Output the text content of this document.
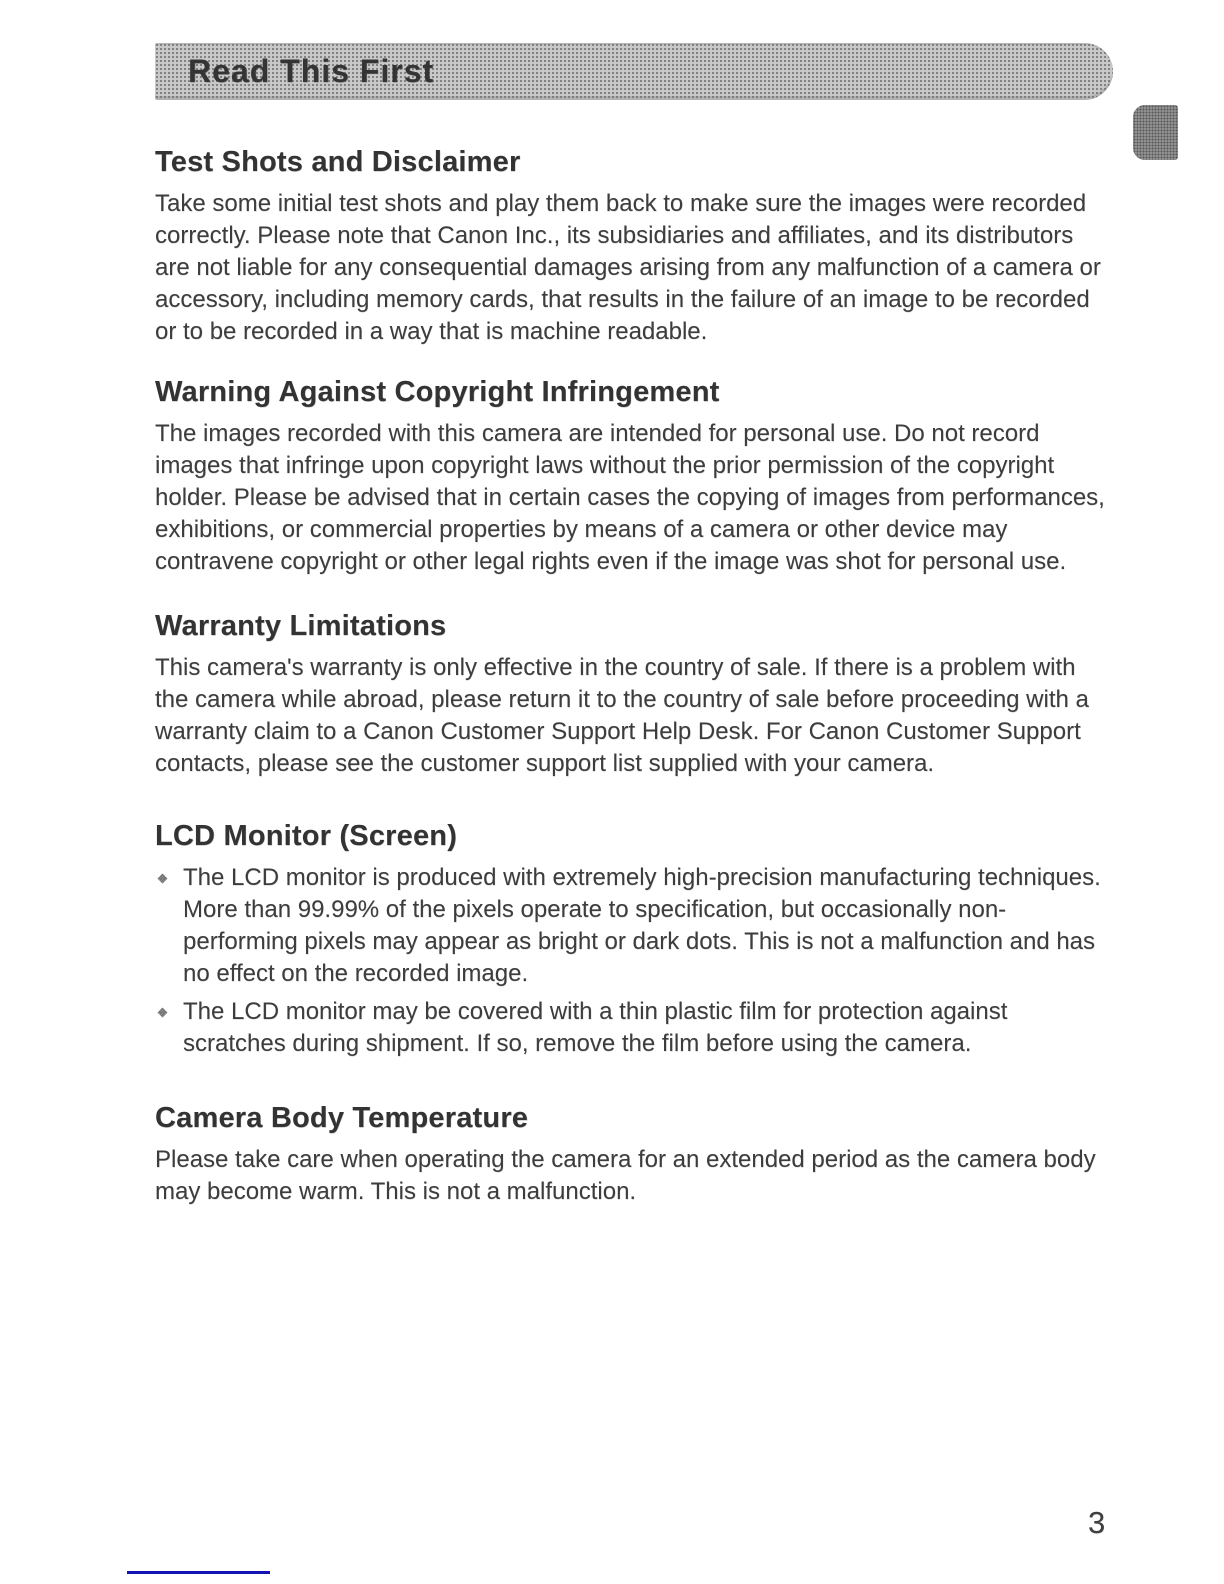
Read This First
Test Shots and Disclaimer

Take some initial test shots and play them back to make sure the images were recorded correctly. Please note that Canon Inc., its subsidiaries and affiliates, and its distributors are not liable for any consequential damages arising from any malfunction of a camera or accessory, including memory cards, that results in the failure of an image to be recorded or to be recorded in a way that is machine readable.

Warning Against Copyright Infringement

The images recorded with this camera are intended for personal use. Do not record images that infringe upon copyright laws without the prior permission of the copyright holder. Please be advised that in certain cases the copying of images from performances, exhibitions, or commercial properties by means of a camera or other device may contravene copyright or other legal rights even if the image was shot for personal use.

Warranty Limitations

This camera's warranty is only effective in the country of sale. If there is a problem with the camera while abroad, please return it to the country of sale before proceeding with a warranty claim to a Canon Customer Support Help Desk. For Canon Customer Support contacts, please see the customer support list supplied with your camera.

LCD Monitor (Screen)
The LCD monitor is produced with extremely high-precision manufacturing techniques. More than 99.99% of the pixels operate to specification, but occasionally non-performing pixels may appear as bright or dark dots. This is not a malfunction and has no effect on the recorded image.
The LCD monitor may be covered with a thin plastic film for protection against scratches during shipment. If so, remove the film before using the camera.
Camera Body Temperature

Please take care when operating the camera for an extended period as the camera body may become warm. This is not a malfunction.

3
